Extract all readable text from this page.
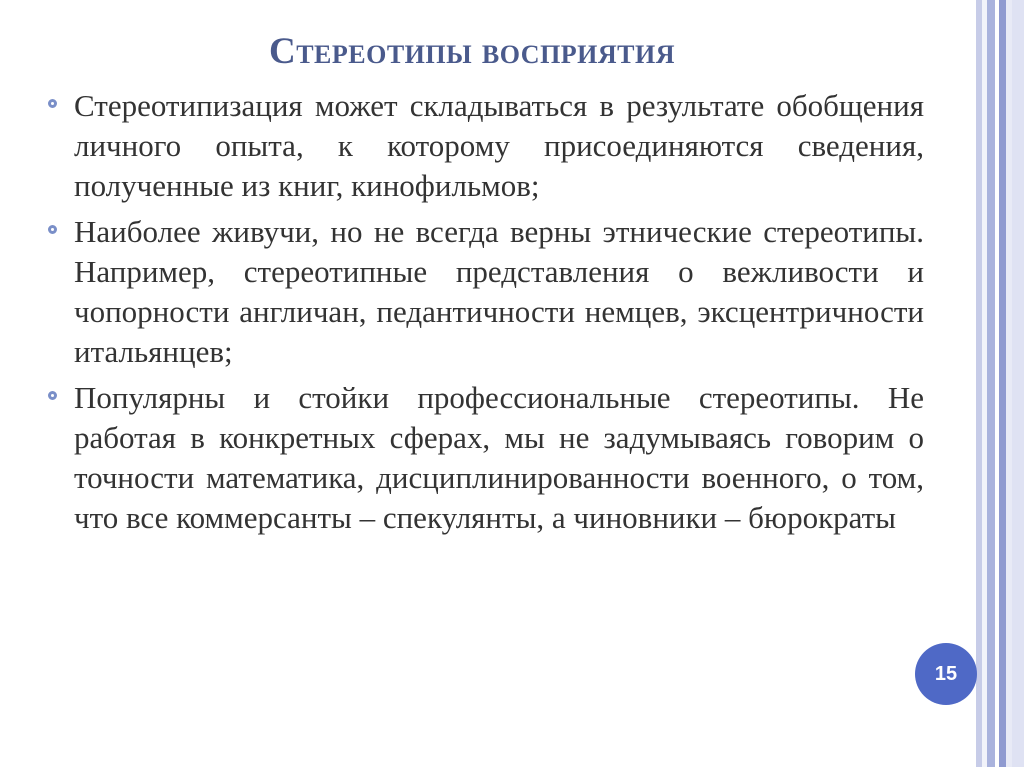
Стереотипы восприятия
Стереотипизация может складываться в результате обобщения личного опыта, к которому присоединяются сведения, полученные из книг, кинофильмов;
Наиболее живучи, но не всегда верны этнические стереотипы. Например, стереотипные представления о вежливости и чопорности англичан, педантичности немцев, эксцентричности итальянцев;
Популярны и стойки профессиональные стереотипы. Не работая в конкретных сферах, мы не задумываясь говорим о точности математика, дисциплинированности военного, о том, что все коммерсанты – спекулянты, а чиновники – бюрократы
15
